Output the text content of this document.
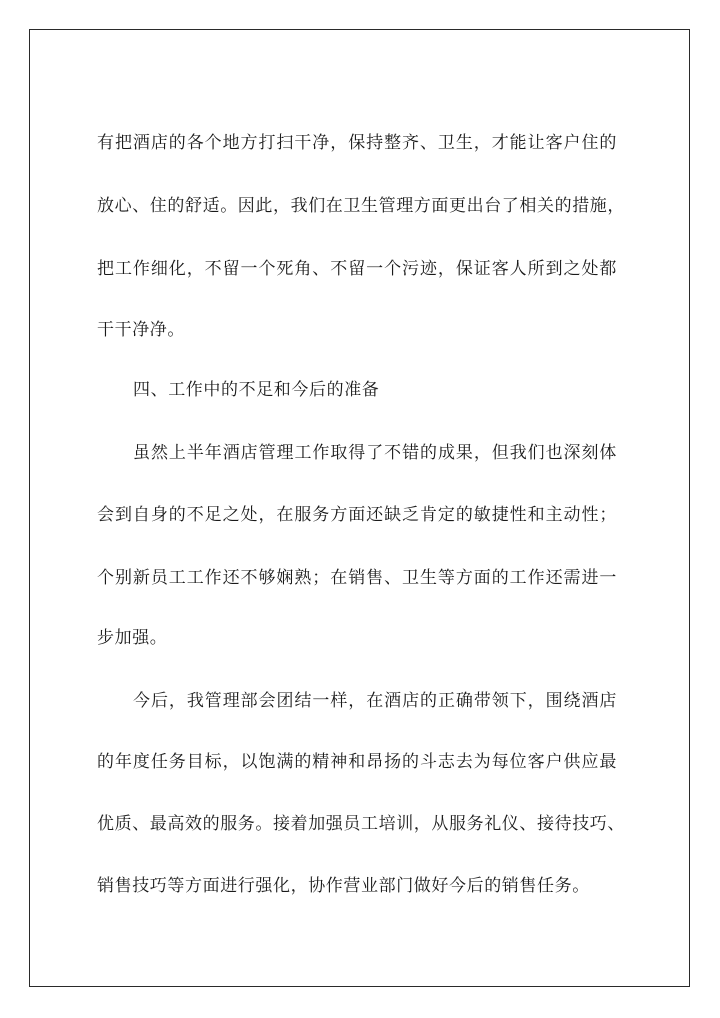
有把酒店的各个地方打扫干净，保持整齐、卫生，才能让客户住的
放心、住的舒适。因此，我们在卫生管理方面更出台了相关的措施，
把工作细化，不留一个死角、不留一个污迹，保证客人所到之处都
干干净净。
四、工作中的不足和今后的准备
虽然上半年酒店管理工作取得了不错的成果，但我们也深刻体
会到自身的不足之处，在服务方面还缺乏肯定的敏捷性和主动性；
个别新员工工作还不够娴熟；在销售、卫生等方面的工作还需进一
步加强。
今后，我管理部会团结一样，在酒店的正确带领下，围绕酒店
的年度任务目标，以饱满的精神和昂扬的斗志去为每位客户供应最
优质、最高效的服务。接着加强员工培训，从服务礼仪、接待技巧、
销售技巧等方面进行强化，协作营业部门做好今后的销售任务。
